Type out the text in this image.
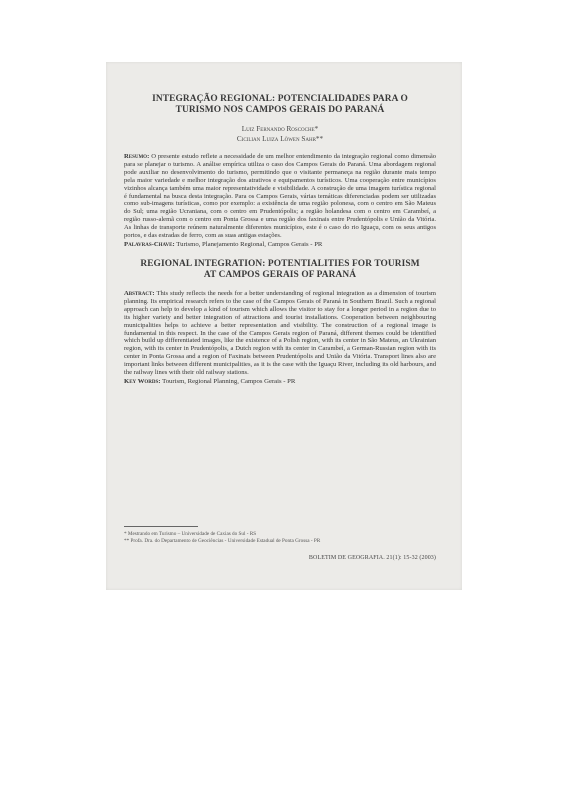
INTEGRAÇÃO REGIONAL: POTENCIALIDADES PARA O
TURISMO NOS CAMPOS GERAIS DO PARANÁ
Luiz Fernando Roscoche*
Cicilian Luiza Löwen Sahr**
Resumo: O presente estudo reflete a necessidade de um melhor entendimento da integração regional como dimensão para se planejar o turismo. A análise empírica utiliza o caso dos Campos Gerais do Paraná. Uma abordagem regional pode auxiliar no desenvolvimento do turismo, permitindo que o visitante permaneça na região durante mais tempo pela maior variedade e melhor integração dos atrativos e equipamentos turísticos. Uma cooperação entre municípios vizinhos alcança também uma maior representatividade e visibilidade. A construção de uma imagem turística regional é fundamental na busca desta integração. Para os Campos Gerais, várias temáticas diferenciadas podem ser utilizadas como sub-imagens turísticas, como por exemplo: a existência de uma região polonesa, com o centro em São Mateus do Sul; uma região Ucraniana, com o centro em Prudentópolis; a região holandesa com o centro em Carambeí, a região russo-alemã com o centro em Ponta Grossa e uma região dos faxinais entre Prudentópolis e União da Vitória. As linhas de transporte reúnem naturalmente diferentes municípios, este é o caso do rio Iguaçu, com os seus antigos portos, e das estradas de ferro, com as suas antigas estações.
Palavras-Chave: Turismo, Planejamento Regional, Campos Gerais - PR
REGIONAL INTEGRATION: POTENTIALITIES FOR TOURISM
AT CAMPOS GERAIS OF PARANÁ
Abstract: This study reflects the needs for a better understanding of regional integration as a dimension of tourism planning. Its empirical research refers to the case of the Campos Gerais of Paraná in Southern Brazil. Such a regional approach can help to develop a kind of tourism which allows the visitor to stay for a longer period in a region due to its higher variety and better integration of attractions and tourist installations. Cooperation between neighbouring municipalities helps to achieve a better representation and visibility. The construction of a regional image is fundamental in this respect. In the case of the Campos Gerais region of Paraná, different themes could be identified which build up differentiated images, like the existence of a Polish region, with its center in São Mateus, an Ukrainian region, with its center in Prudentópolis, a Dutch region with its center in Carambeí, a German-Russian region with its center in Ponta Grossa and a region of Faxinais between Prudentópolis and União da Vitória. Transport lines also are important links between different municipalities, as it is the case with the Iguaçu River, including its old harbours, and the railway lines with their old railway stations.
Key Words: Tourism, Regional Planning, Campos Gerais - PR
* Mestrando em Turismo – Universidade de Caxias do Sul - RS
** Profa. Dra. do Departamento de Geociências - Universidade Estadual de Ponta Grossa - PR
BOLETIM DE GEOGRAFIA. 21(1): 15-32 (2003)
